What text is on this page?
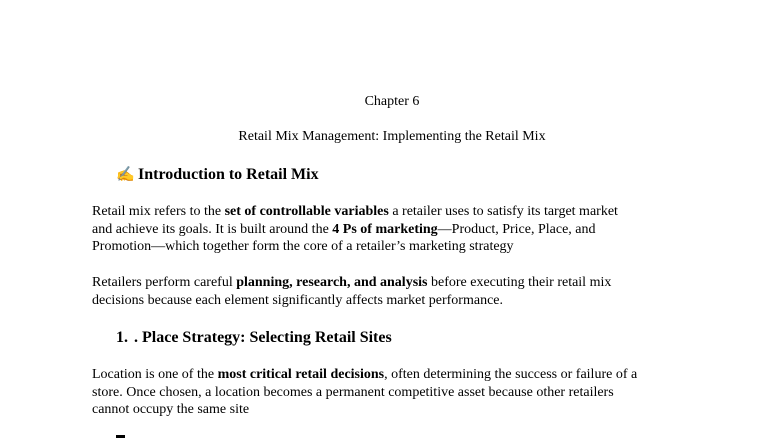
Chapter 6
Retail Mix Management: Implementing the Retail Mix
✍ Introduction to Retail Mix
Retail mix refers to the set of controllable variables a retailer uses to satisfy its target market
and achieve its goals. It is built around the 4 Ps of marketing—Product, Price, Place, and
Promotion—which together form the core of a retailer’s marketing strategy
Retailers perform careful planning, research, and analysis before executing their retail mix
decisions because each element significantly affects market performance.
1. . Place Strategy: Selecting Retail Sites
Location is one of the most critical retail decisions, often determining the success or failure of a
store. Once chosen, a location becomes a permanent competitive asset because other retailers
cannot occupy the same site
